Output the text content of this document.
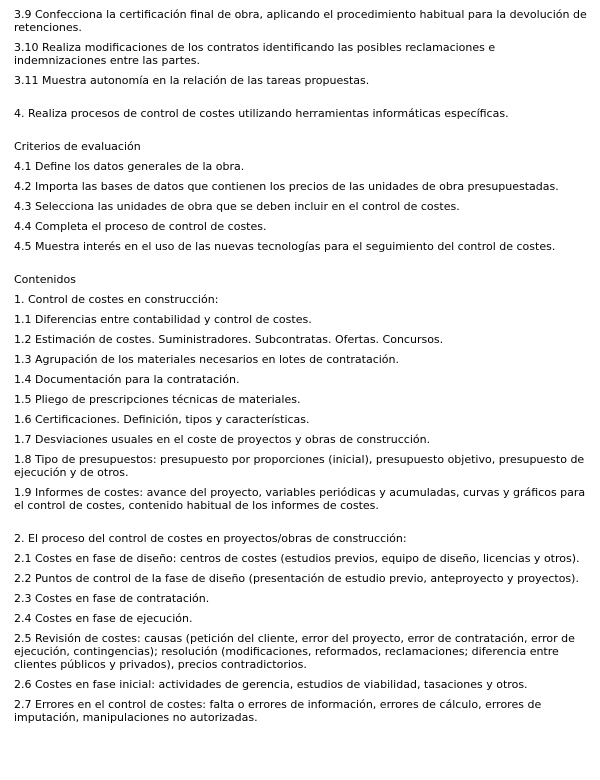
3.9 Confecciona la certificación final de obra, aplicando el procedimiento habitual para la devolución de retenciones.

3.10 Realiza modificaciones de los contratos identificando las posibles reclamaciones e indemnizaciones entre las partes.

3.11 Muestra autonomía en la relación de las tareas propuestas.

4. Realiza procesos de control de costes utilizando herramientas informáticas específicas.

Criterios de evaluación

4.1 Define los datos generales de la obra.

4.2 Importa las bases de datos que contienen los precios de las unidades de obra presupuestadas.

4.3 Selecciona las unidades de obra que se deben incluir en el control de costes.

4.4 Completa el proceso de control de costes.

4.5 Muestra interés en el uso de las nuevas tecnologías para el seguimiento del control de costes.

Contenidos

1. Control de costes en construcción:

1.1 Diferencias entre contabilidad y control de costes.

1.2 Estimación de costes. Suministradores. Subcontratas. Ofertas. Concursos.

1.3 Agrupación de los materiales necesarios en lotes de contratación.

1.4 Documentación para la contratación.

1.5 Pliego de prescripciones técnicas de materiales.

1.6 Certificaciones. Definición, tipos y características.

1.7 Desviaciones usuales en el coste de proyectos y obras de construcción.

1.8 Tipo de presupuestos: presupuesto por proporciones (inicial), presupuesto objetivo, presupuesto de ejecución y de otros.

1.9 Informes de costes: avance del proyecto, variables periódicas y acumuladas, curvas y gráficos para el control de costes, contenido habitual de los informes de costes.

2. El proceso del control de costes en proyectos/obras de construcción:

2.1 Costes en fase de diseño: centros de costes (estudios previos, equipo de diseño, licencias y otros).

2.2 Puntos de control de la fase de diseño (presentación de estudio previo, anteproyecto y proyectos).

2.3 Costes en fase de contratación.

2.4 Costes en fase de ejecución.

2.5 Revisión de costes: causas (petición del cliente, error del proyecto, error de contratación, error de ejecución, contingencias); resolución (modificaciones, reformados, reclamaciones; diferencia entre clientes públicos y privados), precios contradictorios.

2.6 Costes en fase inicial: actividades de gerencia, estudios de viabilidad, tasaciones y otros.

2.7 Errores en el control de costes: falta o errores de información, errores de cálculo, errores de imputación, manipulaciones no autorizadas.
